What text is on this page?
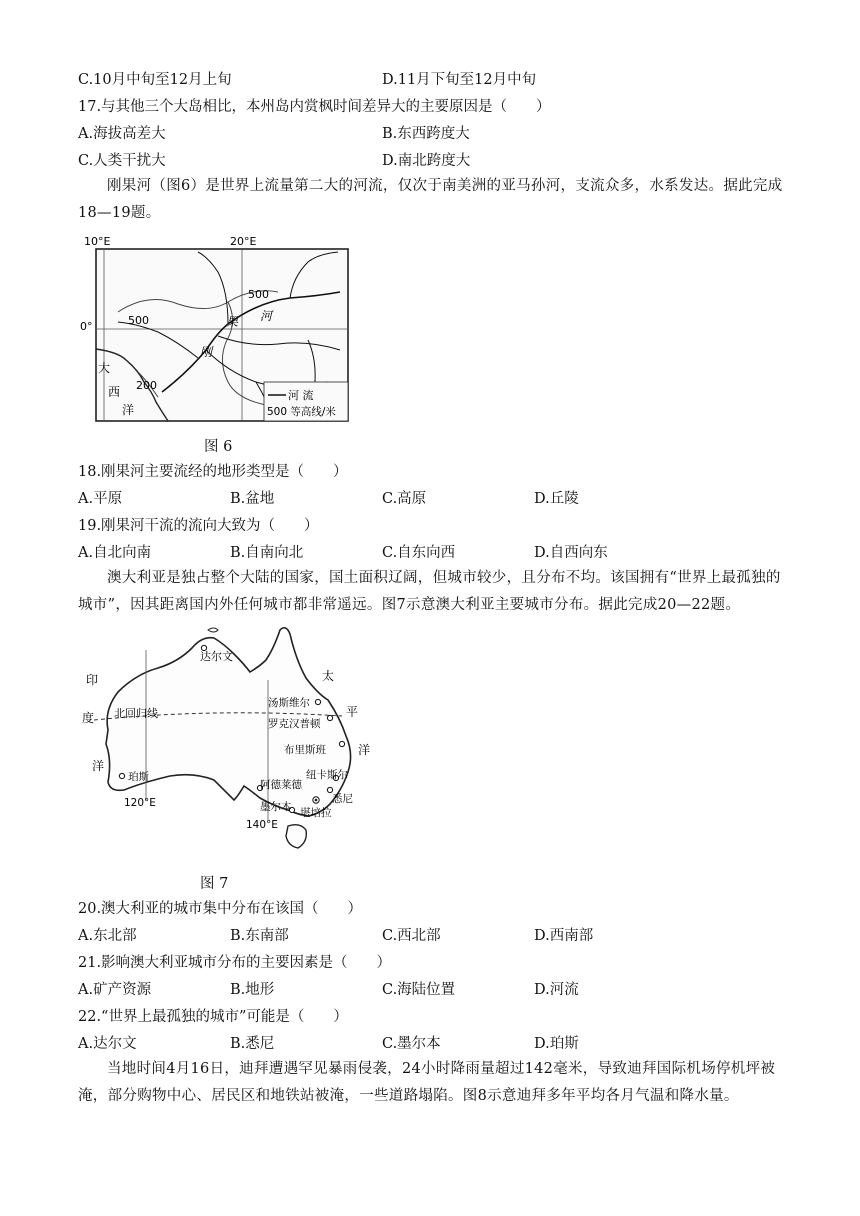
C.10月中旬至12月上旬	D.11月下旬至12月中旬
17.与其他三个大岛相比，本州岛内赏枫时间差异大的主要原因是（　　）
A.海拔高差大	B.东西跨度大
C.人类干扰大	D.南北跨度大
刚果河（图6）是世界上流量第二大的河流，仅次于南美洲的亚马孙河，支流众多，水系发达。据此完成18—19题。
10°E	20°E
0°
500
500
200
河
果
刚
大
西
洋
河 流
500 等高线/米
图 6
18.刚果河主要流经的地形类型是（　　）
A.平原	B.盆地	C.高原	D.丘陵
19.刚果河干流的流向大致为（　　）
A.自北向南	B.自南向北	C.自东向西	D.自西向东
澳大利亚是独占整个大陆的国家，国土面积辽阔，但城市较少，且分布不均。该国拥有“世界上最孤独的城市”，因其距离国内外任何城市都非常遥远。图7示意澳大利亚主要城市分布。据此完成20—22题。
北回归线
印
度
洋
太
平
洋
达尔文
汤斯维尔
罗克汉普顿
布里斯班
珀斯
阿德莱德
纽卡斯尔
悉尼
墨尔本 堪培拉
120°E
140°E
图 7
20.澳大利亚的城市集中分布在该国（　　）
A.东北部	B.东南部	C.西北部	D.西南部
21.影响澳大利亚城市分布的主要因素是（　　）
A.矿产资源	B.地形	C.海陆位置	D.河流
22.“世界上最孤独的城市”可能是（　　）
A.达尔文	B.悉尼	C.墨尔本	D.珀斯
当地时间4月16日，迪拜遭遇罕见暴雨侵袭，24小时降雨量超过142毫米，导致迪拜国际机场停机坪被淹，部分购物中心、居民区和地铁站被淹，一些道路塌陷。图8示意迪拜多年平均各月气温和降水量。
